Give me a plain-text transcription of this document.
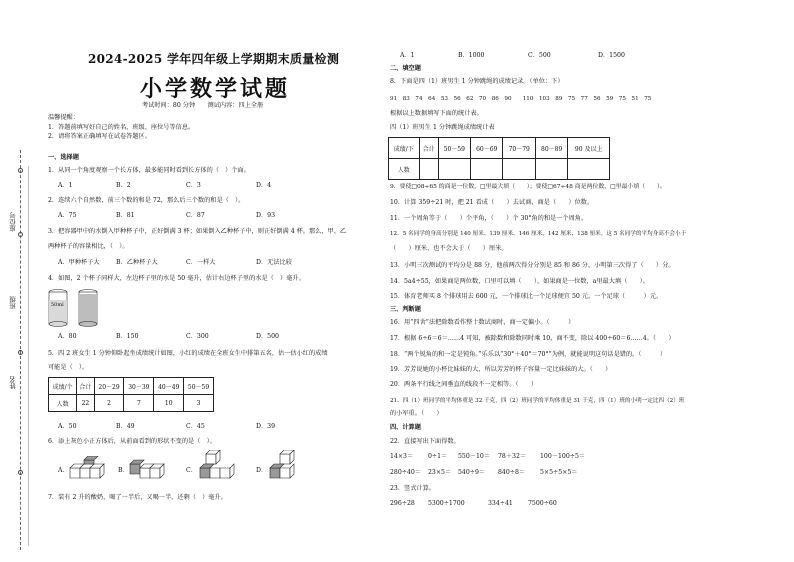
座位号
班级
姓名
2024-2025 学年四年级上学期期末质量检测
小学数学试题
考试时间：80 分钟　　测试内容：四上全册
温馨提醒：
1．答题前填写好自己的姓名、班级、座位号等信息。
2．请将答案正确填写在试卷答题区。
一、选择题
1．从同一个角度观察一个长方体，最多能同时看到长方体的（　）个面。
A．1	B．2	C．3	D．4
2．连续六个自然数，前三个数的和是 72，那么后三个数的和是（　）。
A．75	B．81	C．87	D．93
3．把容器甲中的水倒入甲种杯子中，正好倒满 3 杯；如果倒入乙种杯子中，则正好倒满 4 杯。那么，甲、乙
两种杯子的容量相比，（　）。
A．甲种杯子大	B．乙种杯子大	C．一样大	D．无法比较
4．如图，2 个杯子同样大，左边杯子里的水是 50 毫升，估计右边杯子里的水是（　）毫升。
50ml
A．80	B．150	C．300	D．500
5．四 2 班女生 1 分钟仰卧起坐成绩统计如图，小红的成绩在全班女生中排第五名，估一估小红的成绩
可能是（　）。
成绩/个	合计	20－29	30－39	40－49	50－59
人数	22	2	7	10	3
A．50	B．49	C．45	D．39
6．添上灰色小正方体后，从前面看到的形状不变的是（　）。
A．	B．	C．	D．
7．装有 2 升的酸奶，喝了一半后，又喝一半，还剩（　）毫升。
A．1	B．1000	C．500	D．1500
二、填空题
8．下面是四（1）班男生 1 分钟跳绳的成绩记录。（单位：下）
91　83　74　64　53　56　62　70　86　90　　110　103　89　75　77　56　59　75　51　75
根据以上数据填写下面的统计表。
四（1）班男生 1 分钟跳绳成绩统计表
成绩/下	合计	50－59	60－69	70－79	80－89	90 及以上
人数						
9．要使□08÷65 的商是一位数，□里最大填（　　）；要使□67÷48 商是两位数，□里最小填（　　）。
10．计算 359÷21 时，把 21 看成（　　）去试商，商是（　　）位数。
11．一个周角等于（　　）个平角，（　　）个 30°角的和是一个周角。
12．5 名同学的身高分别是 140 厘米、139 厘米、146 厘米、142 厘米、138 厘米。这 5 名同学的平均身高不会小于
（　　）厘米，也不会大于（　　）厘米。
13．小明三次测试的平均分是 88 分，他前两次得分分别是 85 和 86 分，小明第三次得了（　　）分。
14．5a4÷55，如果商是两位数，口里可以填（　　），如果商是一位数，a里最大填（　　）。
15．体育老师买 8 个排球用去 600 元，一个排球比一个足球便宜 50 元。一个足球（　　　）元。
三、判断题
16．用“四舍”法把除数看作整十数试商时，商一定偏小。（　　　）
17．根据 6÷6＝6＝……4 可知，被除数和除数同时乘 10，商不变，除以 400÷60＝6……4。（　　）
18．“两个锐角的和一定是钝角。”乐乐以“30°＋40°＝70°”为例，就能说明这句话是错的。（　　　）
19．芳芳说她的小杯比妹妹的大，所以芳芳的杯子容量一定比妹妹的大。（　　）
20．两条平行线之间垂直的线段不一定相等。（　　）
21．四（1）班同学的平均体重是 32 千克，四（2）班同学的平均体重是 31 千克，四（1）班的小明一定比四（2）班
的小军重。（　　）
四、计算题
22．直接写出下面得数。
14×3＝ 0÷1＝ 550－10＝ 78＋32＝ 100－100÷5＝
280÷40＝ 23×5＝ 540÷9＝ 840÷8＝ 5×5÷5×5＝
23．竖式计算。
296÷28 5300÷1700	334÷41 7500÷60
